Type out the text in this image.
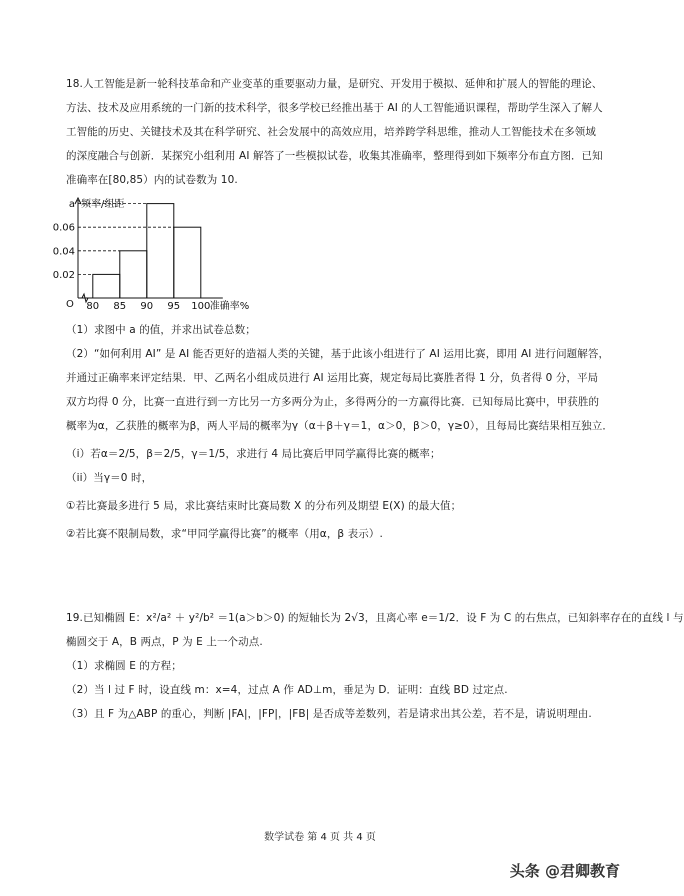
18.人工智能是新一轮科技革命和产业变革的重要驱动力量，是研究、开发用于模拟、延伸和扩展人的智能的理论、
方法、技术及应用系统的一门新的技术科学，很多学校已经推出基于 AI 的人工智能通识课程，帮助学生深入了解人
工智能的历史、关键技术及其在科学研究、社会发展中的高效应用，培养跨学科思维，推动人工智能技术在多领域
的深度融合与创新．某探究小组利用 AI 解答了一些模拟试卷，收集其准确率，整理得到如下频率分布直方图．已知
准确率在[80,85）内的试卷数为 10.
0.02
0.04
0.06
a 频率/组距
O 80 85 90 95 100 准确率%
（1）求图中 a 的值，并求出试卷总数；
（2）“如何利用 AI” 是 AI 能否更好的造福人类的关键，基于此该小组进行了 AI 运用比赛，即用 AI 进行问题解答，
并通过正确率来评定结果．甲、乙两名小组成员进行 AI 运用比赛，规定每局比赛胜者得 1 分，负者得 0 分，平局
双方均得 0 分，比赛一直进行到一方比另一方多两分为止，多得两分的一方赢得比赛．已知每局比赛中，甲获胜的
概率为α，乙获胜的概率为β，两人平局的概率为γ（α＋β＋γ＝1，α＞0，β＞0，γ≥0），且每局比赛结果相互独立．
（i）若α＝2/5，β＝2/5，γ＝1/5，求进行 4 局比赛后甲同学赢得比赛的概率；
（ii）当γ＝0 时，
①若比赛最多进行 5 局，求比赛结束时比赛局数 X 的分布列及期望 E(X) 的最大值；
②若比赛不限制局数，求“甲同学赢得比赛”的概率（用α，β 表示）.
19.已知椭圆 E：x²/a² ＋ y²/b² ＝1(a＞b＞0) 的短轴长为 2√3，且离心率 e＝1/2．设 F 为 C 的右焦点，已知斜率存在的直线 l 与
椭圆交于 A，B 两点，P 为 E 上一个动点.
（1）求椭圆 E 的方程；
（2）当 l 过 F 时，设直线 m：x=4，过点 A 作 AD⊥m，垂足为 D．证明：直线 BD 过定点.
（3）且 F 为△ABP 的重心，判断 |FA|，|FP|，|FB| 是否成等差数列，若是请求出其公差，若不是，请说明理由.
数学试卷 第 4 页 共 4 页
头条 @君卿教育
